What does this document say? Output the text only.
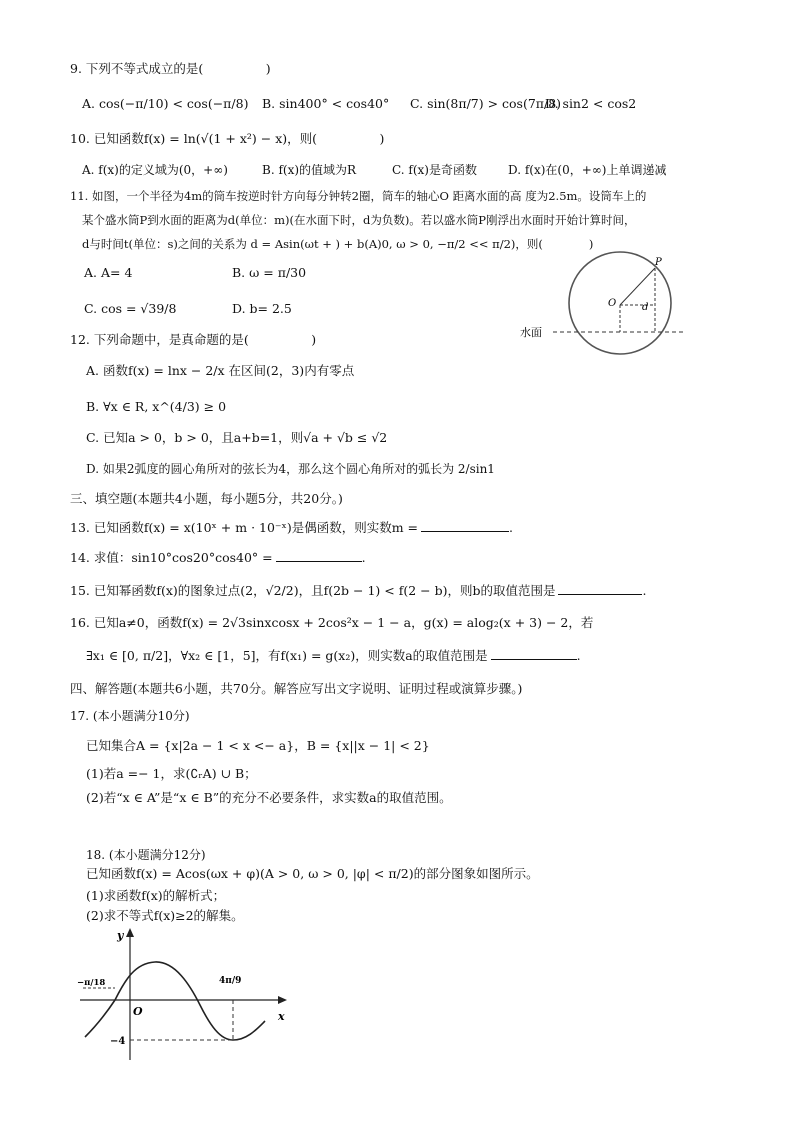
9. 下列不等式成立的是(　　　　　)
A. cos(−π/10) < cos(−π/8) B. sin400° < cos40° C. sin(8π/7) > cos(7π/8)
D. sin2 < cos2
10. 已知函数f(x) = ln(√(1 + x²) − x)，则(　　　　　)
A. f(x)的定义域为(0，+∞)	B. f(x)的值域为R	C. f(x)是奇函数	D. f(x)在(0，+∞)上单调递减
11. 如图，一个半径为4m的筒车按逆时针方向每分钟转2圈，筒车的轴心O 距离水面的高 度为2.5m。设筒车上的
某个盛水筒P到水面的距离为d(单位：m)(在水面下时，d为负数)。若以盛水筒P刚浮出水面时开始计算时间，
d与时间t(单位：s)之间的关系为 d = Asin(ωt + ) + b(A)0, ω > 0, −π/2 << π/2)，则(　　　　)
A. A= 4	B. ω = π/30
C. cos = √39/8	D. b= 2.5
P
O	d
水面
12. 下列命题中，是真命题的是(　　　　　)
A. 函数f(x) = lnx − 2/x 在区间(2，3)内有零点
B. ∀x ∈ R, x^(4/3) ≥ 0
C. 已知a > 0，b > 0，且a+b=1，则√a + √b ≤ √2
D. 如果2弧度的圆心角所对的弦长为4，那么这个圆心角所对的弧长为 2/sin1
三、填空题(本题共4小题，每小题5分，共20分。)
13. 已知函数f(x) = x(10ˣ + m · 10⁻ˣ)是偶函数，则实数m =	.
14. 求值：sin10°cos20°cos40° =	.
15. 已知幂函数f(x)的图象过点(2，√2/2)，且f(2b − 1) < f(2 − b)，则b的取值范围是	.
16. 已知a≠0，函数f(x) = 2√3sinxcosx + 2cos²x − 1 − a，g(x) = alog₂(x + 3) − 2，若
∃x₁ ∈ [0, π/2]，∀x₂ ∈ [1，5]，有f(x₁) = g(x₂)，则实数a的取值范围是	.
四、解答题(本题共6小题，共70分。解答应写出文字说明、证明过程或演算步骤。)
17. (本小题满分10分)
已知集合A = {x|2a − 1 < x <− a}，B = {x||x − 1| < 2}
(1)若a =− 1，求(∁ᵣA) ∪ B；
(2)若“x ∈ A”是“x ∈ B”的充分不必要条件，求实数a的取值范围。
18. (本小题满分12分)
已知函数f(x) = Acos(ωx + φ)(A > 0, ω > 0, |φ| < π/2)的部分图象如图所示。
(1)求函数f(x)的解析式；
(2)求不等式f(x)≥2的解集。
y
x
O
−π/18	4π/9
−4
